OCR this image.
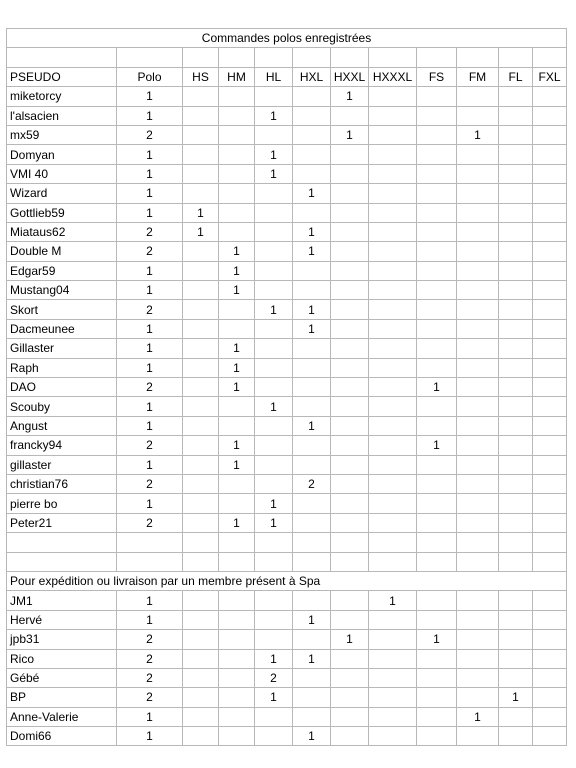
Commandes polos enregistrées											

PSEUDO	Polo	HS	HM	HL	HXL	HXXL	HXXXL	FS	FM	FL	FXL
miketorcy	1					1					
l'alsacien	1			1							
mx59	2					1			1		
Domyan	1			1							
VMI 40	1			1							
Wizard	1				1						
Gottlieb59	1	1									
Miataus62	2	1			1						
Double M	2		1		1						
Edgar59	1		1								
Mustang04	1		1								
Skort	2			1	1						
Dacmeunee	1				1						
Gillaster	1		1								
Raph	1		1								
DAO	2		1					1			
Scouby	1			1							
Angust	1				1						
francky94	2		1					1			
gillaster	1		1								
christian76	2				2						
pierre bo	1			1							
Peter21	2		1	1							

Pour expédition ou livraison par un membre présent à Spa											
JM1	1						1				
Hervé	1				1						
jpb31	2					1		1			
Rico	2			1	1						
Gébé	2			2							
BP	2			1						1	
Anne-Valerie	1								1		
Domi66	1				1						
